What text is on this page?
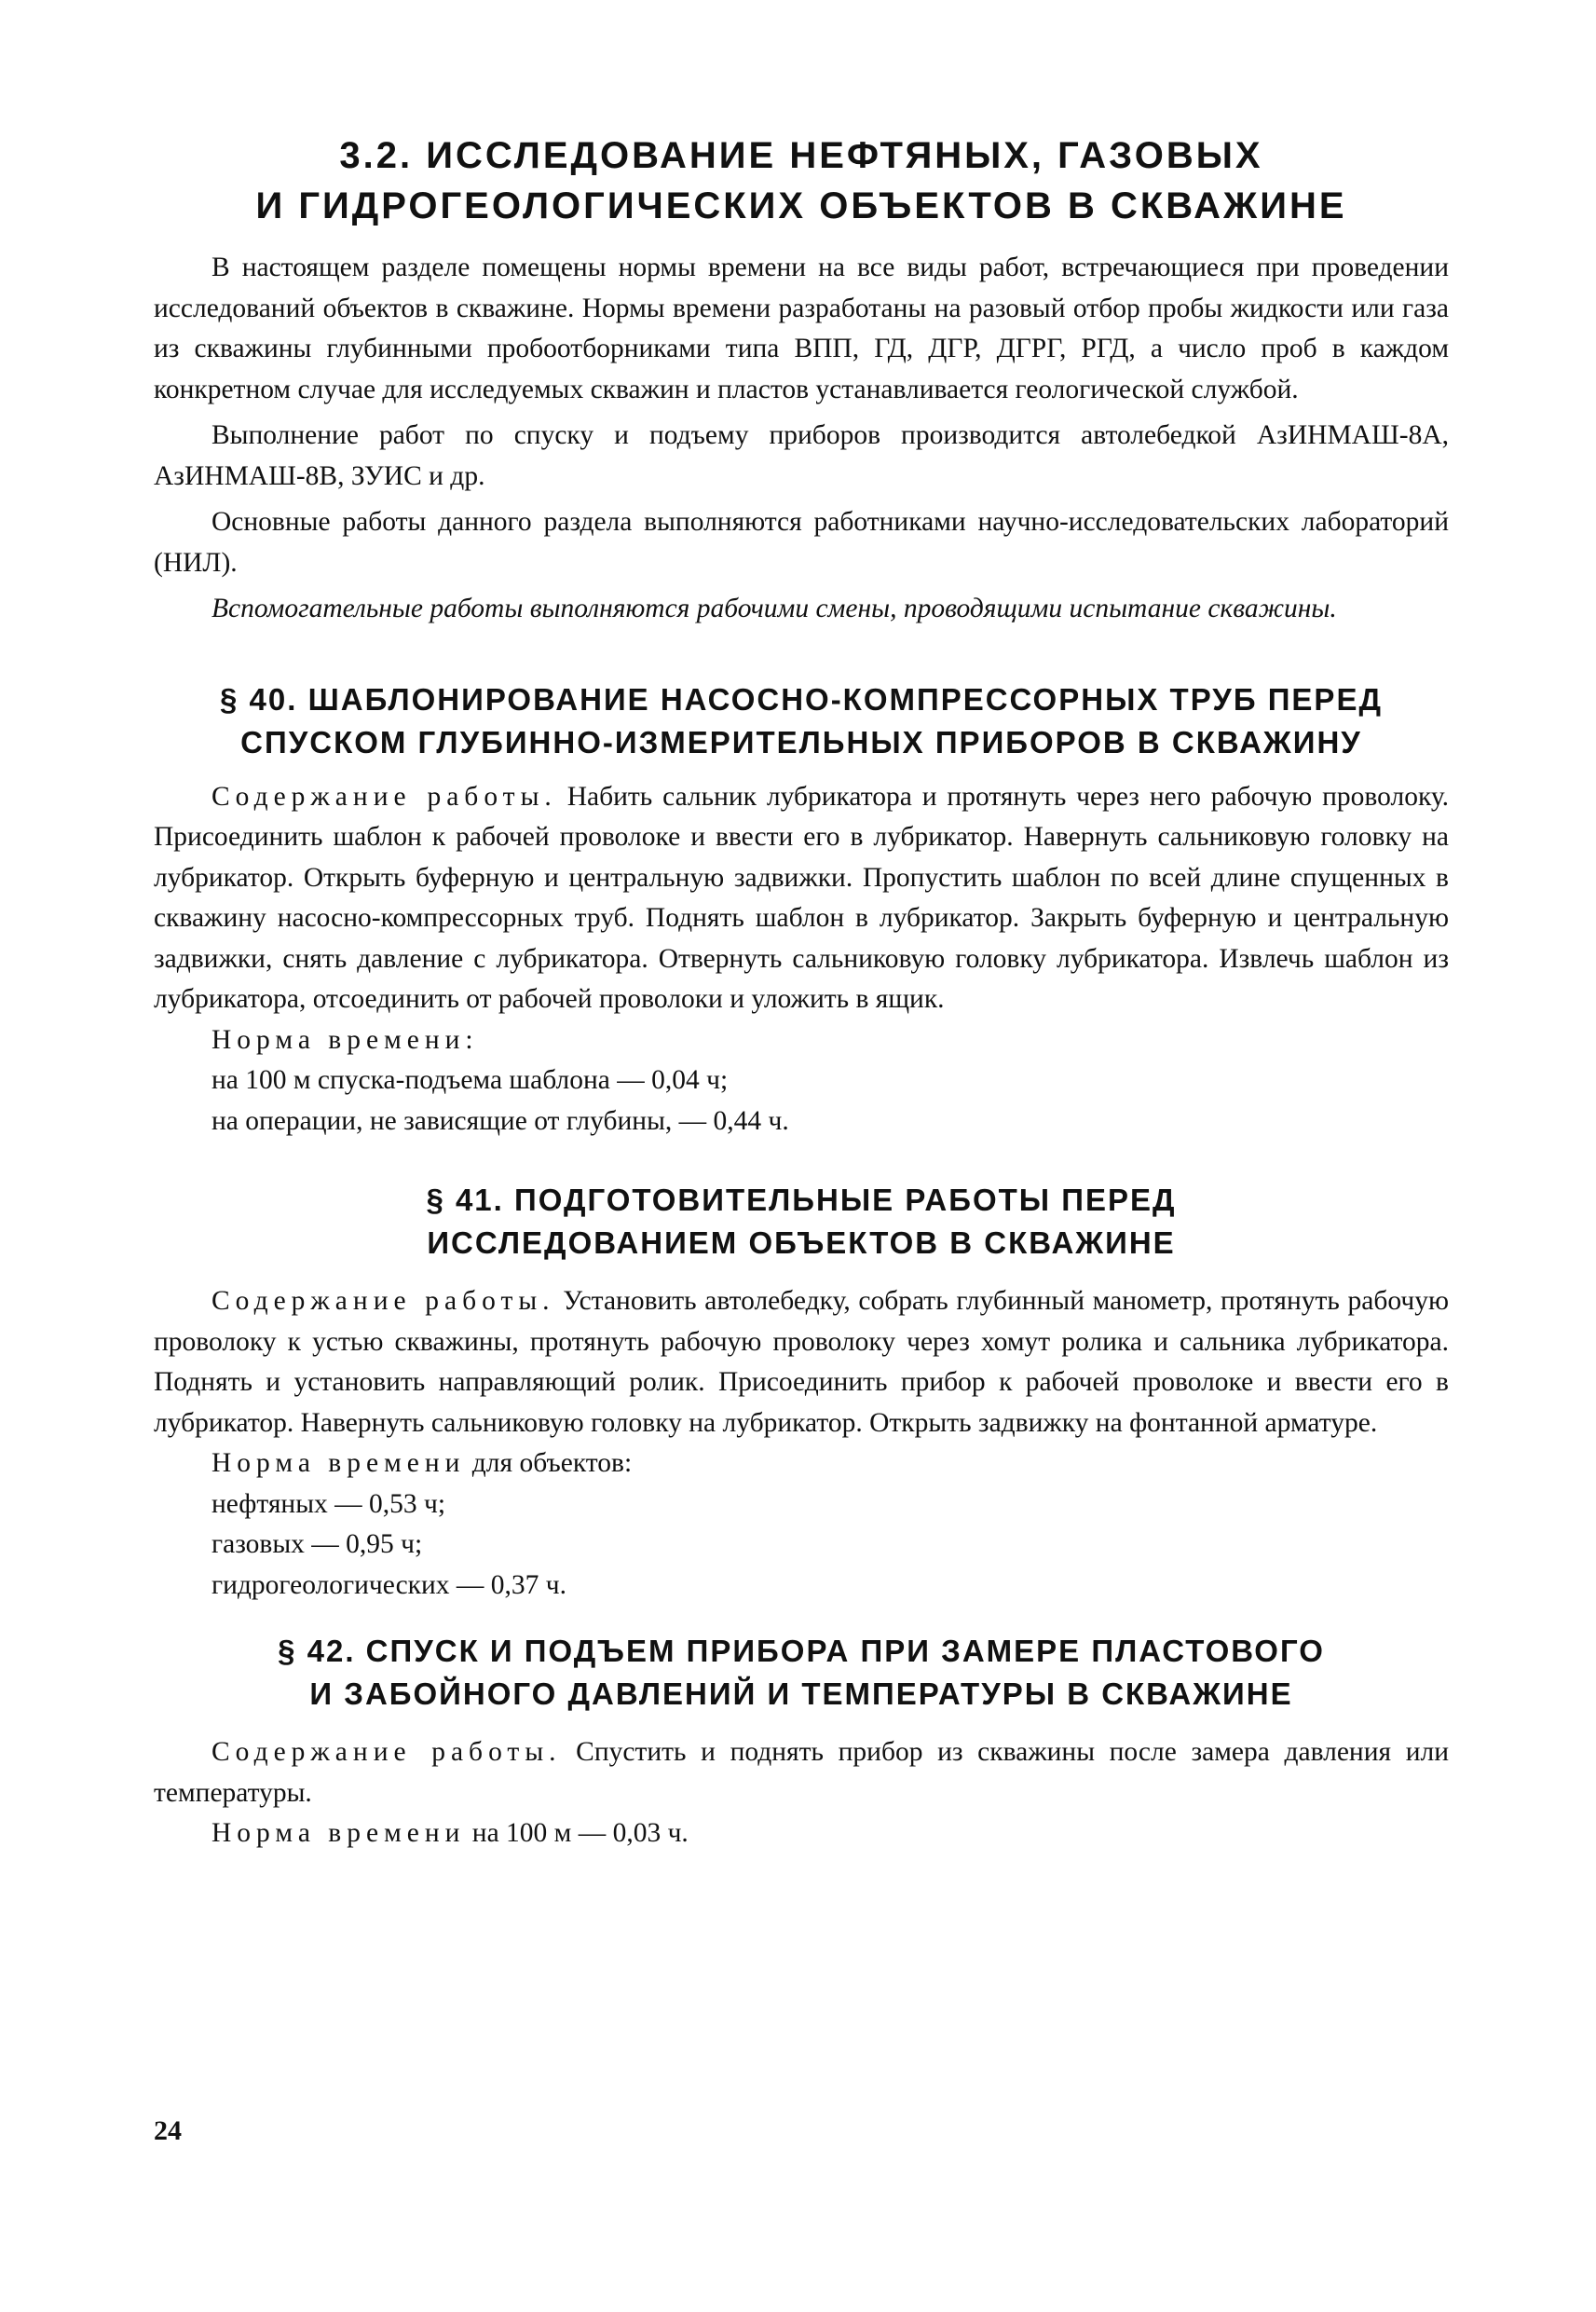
3.2. ИССЛЕДОВАНИЕ НЕФТЯНЫХ, ГАЗОВЫХ
И ГИДРОГЕОЛОГИЧЕСКИХ ОБЪЕКТОВ В СКВАЖИНЕ

В настоящем разделе помещены нормы времени на все виды работ, встречающиеся при проведении исследований объектов в скважине. Нормы времени разработаны на разовый отбор пробы жидкости или газа из скважины глубинными пробоотборниками типа ВПП, ГД, ДГР, ДГРГ, РГД, а число проб в каждом конкретном случае для исследуемых скважин и пластов устанавливается геологической службой.

Выполнение работ по спуску и подъему приборов производится автолебедкой АзИНМАШ-8А, АзИНМАШ-8В, ЗУИС и др.

Основные работы данного раздела выполняются работниками научно-исследовательских лабораторий (НИЛ).

Вспомогательные работы выполняются рабочими смены, проводящими испытание скважины.

§ 40. ШАБЛОНИРОВАНИЕ НАСОСНО-КОМПРЕССОРНЫХ ТРУБ ПЕРЕД
СПУСКОМ ГЛУБИННО-ИЗМЕРИТЕЛЬНЫХ ПРИБОРОВ В СКВАЖИНУ

Содержание работы. Набить сальник лубрикатора и протянуть через него рабочую проволоку. Присоединить шаблон к рабочей проволоке и ввести его в лубрикатор. Навернуть сальниковую головку на лубрикатор. Открыть буферную и центральную задвижки. Пропустить шаблон по всей длине спущенных в скважину насосно-компрессорных труб. Поднять шаблон в лубрикатор. Закрыть буферную и центральную задвижки, снять давление с лубрикатора. Отвернуть сальниковую головку лубрикатора. Извлечь шаблон из лубрикатора, отсоединить от рабочей проволоки и уложить в ящик.

Норма времени:
на 100 м спуска-подъема шаблона — 0,04 ч;
на операции, не зависящие от глубины, — 0,44 ч.
§ 41. ПОДГОТОВИТЕЛЬНЫЕ РАБОТЫ ПЕРЕД
ИССЛЕДОВАНИЕМ ОБЪЕКТОВ В СКВАЖИНЕ

Содержание работы. Установить автолебедку, собрать глубинный манометр, протянуть рабочую проволоку к устью скважины, протянуть рабочую проволоку через хомут ролика и сальника лубрикатора. Поднять и установить направляющий ролик. Присоединить прибор к рабочей проволоке и ввести его в лубрикатор. Навернуть сальниковую головку на лубрикатор. Открыть задвижку на фонтанной арматуре.

Норма времени для объектов:
нефтяных — 0,53 ч;
газовых — 0,95 ч;
гидрогеологических — 0,37 ч.
§ 42. СПУСК И ПОДЪЕМ ПРИБОРА ПРИ ЗАМЕРЕ ПЛАСТОВОГО
И ЗАБОЙНОГО ДАВЛЕНИЙ И ТЕМПЕРАТУРЫ В СКВАЖИНЕ

Содержание работы. Спустить и поднять прибор из скважины после замера давления или температуры.

Норма времени на 100 м — 0,03 ч.
24
